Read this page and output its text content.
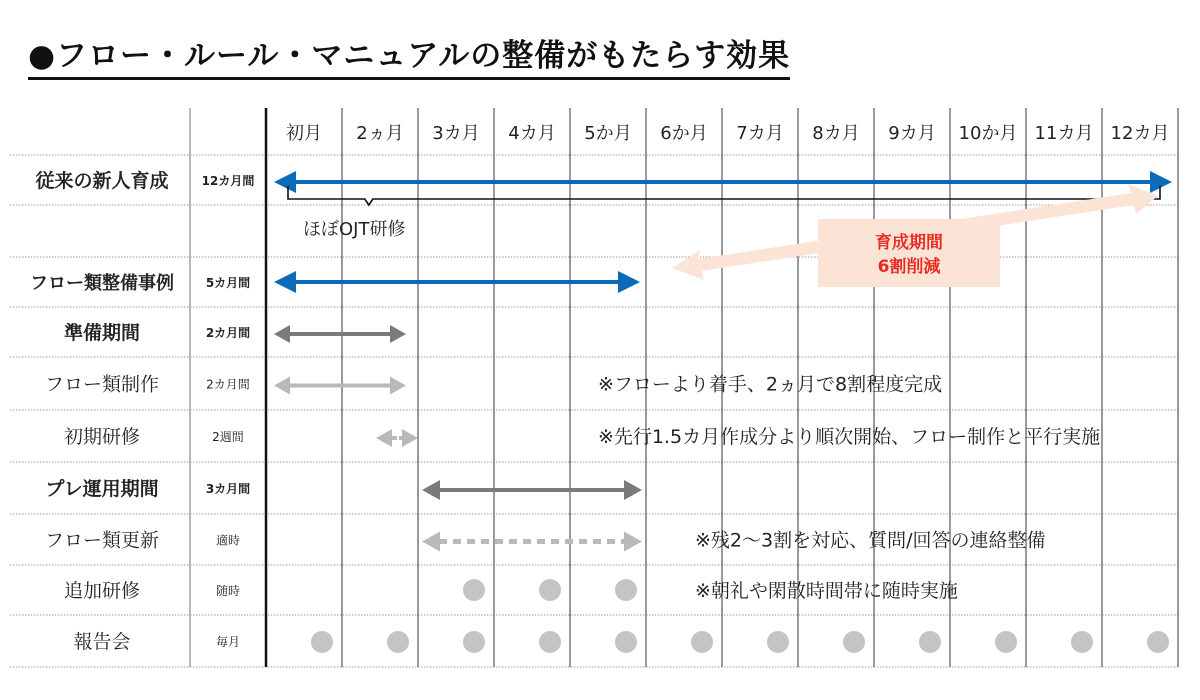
●フロー・ルール・マニュアルの整備がもたらす効果
初月 2ヵ月 3カ月 4カ月 5か月 6か月 7カ月 8カ月 9カ月 10か月 11カ月 12カ月
従来の新人育成	12カ月間
フロー類整備事例	5カ月間
準備期間	2カ月間
フロー類制作	2カ月間
初期研修	2週間
プレ運用期間	3カ月間
フロー類更新	適時
追加研修	随時
報告会	毎月
ほぼOJT研修
育成期間
6割削減
※フローより着手、2ヵ月で8割程度完成
※先行1.5カ月作成分より順次開始、フロー制作と平行実施
※残2〜3割を対応、質問/回答の連絡整備
※朝礼や閑散時間帯に随時実施
